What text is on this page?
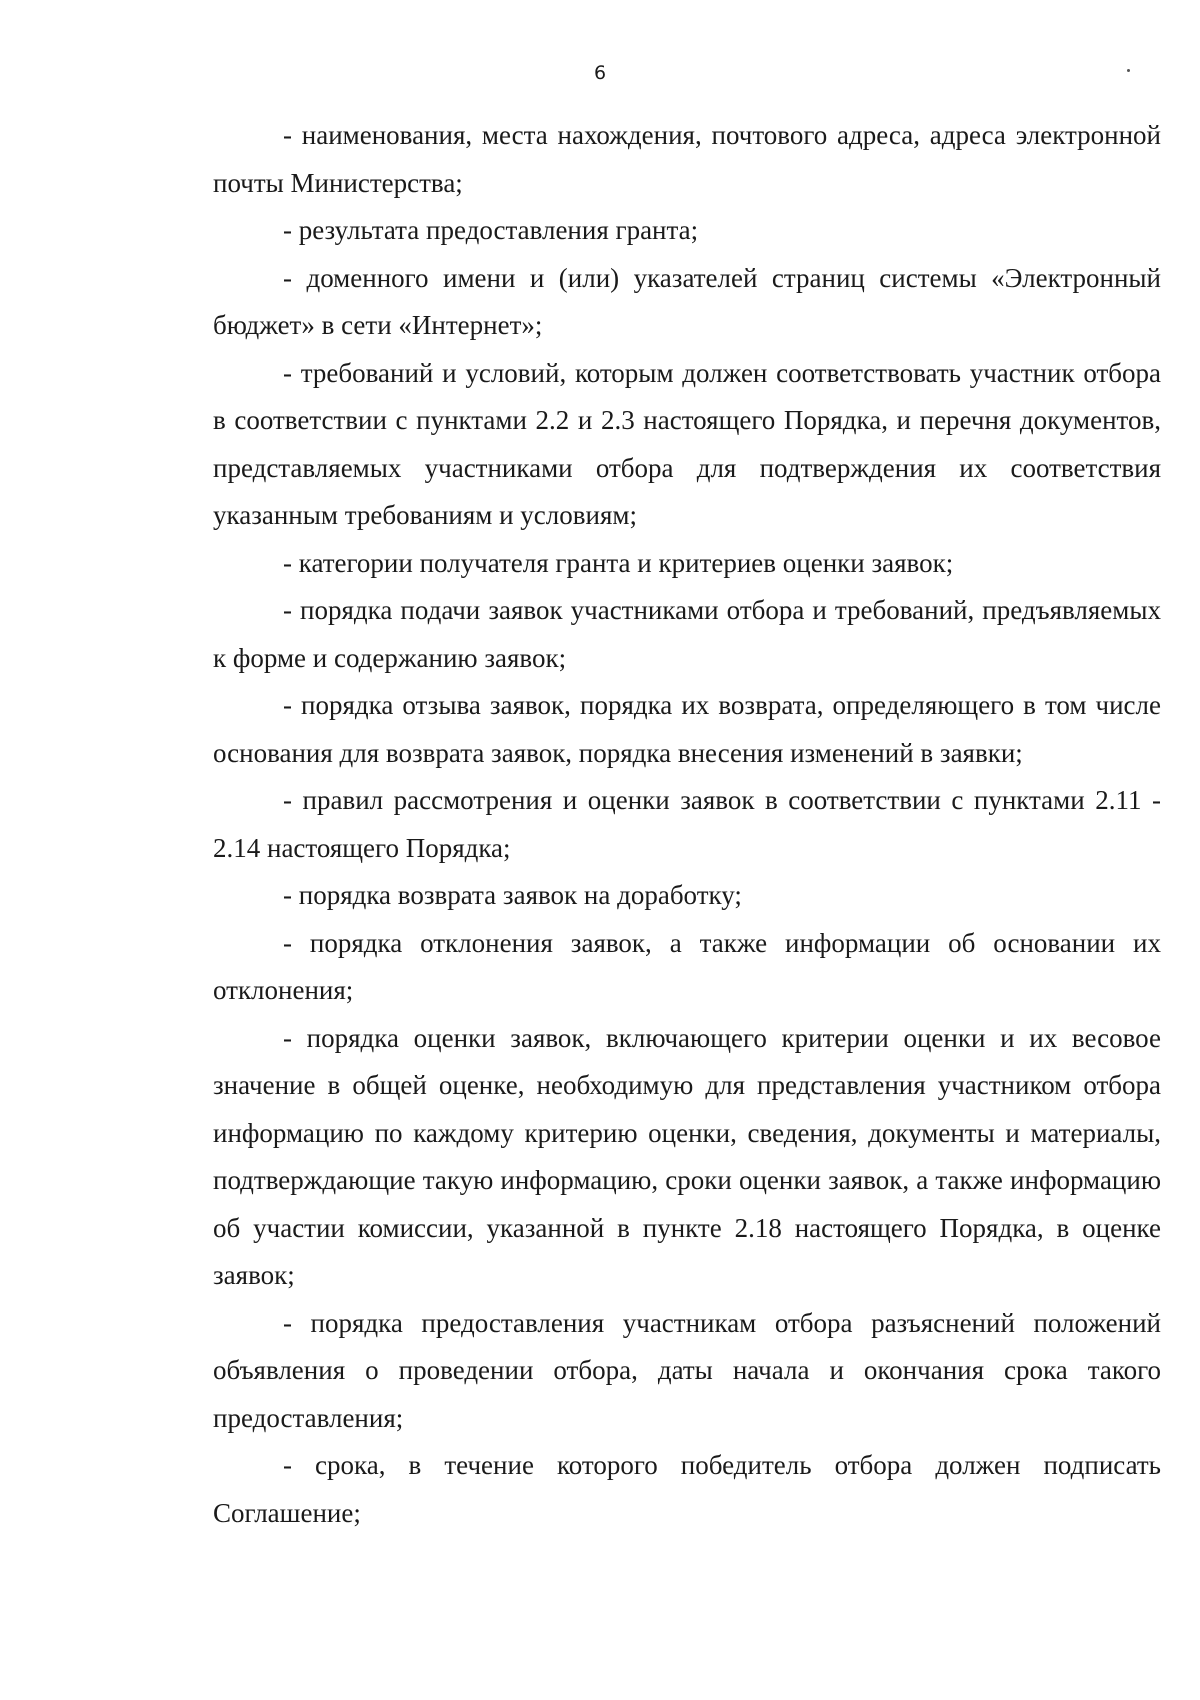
6

- наименования, места нахождения, почтового адреса, адреса электронной почты Министерства;

- результата предоставления гранта;

- доменного имени и (или) указателей страниц системы «Электронный бюджет» в сети «Интернет»;

- требований и условий, которым должен соответствовать участник отбора в соответствии с пунктами 2.2 и 2.3 настоящего Порядка, и перечня документов, представляемых участниками отбора для подтверждения их соответствия указанным требованиям и условиям;

- категории получателя гранта и критериев оценки заявок;

- порядка подачи заявок участниками отбора и требований, предъявляемых к форме и содержанию заявок;

- порядка отзыва заявок, порядка их возврата, определяющего в том числе основания для возврата заявок, порядка внесения изменений в заявки;

- правил рассмотрения и оценки заявок в соответствии с пунктами 2.11 - 2.14 настоящего Порядка;

- порядка возврата заявок на доработку;

- порядка отклонения заявок, а также информации об основании их отклонения;

- порядка оценки заявок, включающего критерии оценки и их весовое значение в общей оценке, необходимую для представления участником отбора информацию по каждому критерию оценки, сведения, документы и материалы, подтверждающие такую информацию, сроки оценки заявок, а также информацию об участии комиссии, указанной в пункте 2.18 настоящего Порядка, в оценке заявок;

- порядка предоставления участникам отбора разъяснений положений объявления о проведении отбора, даты начала и окончания срока такого предоставления;

- срока, в течение которого победитель отбора должен подписать Соглашение;
